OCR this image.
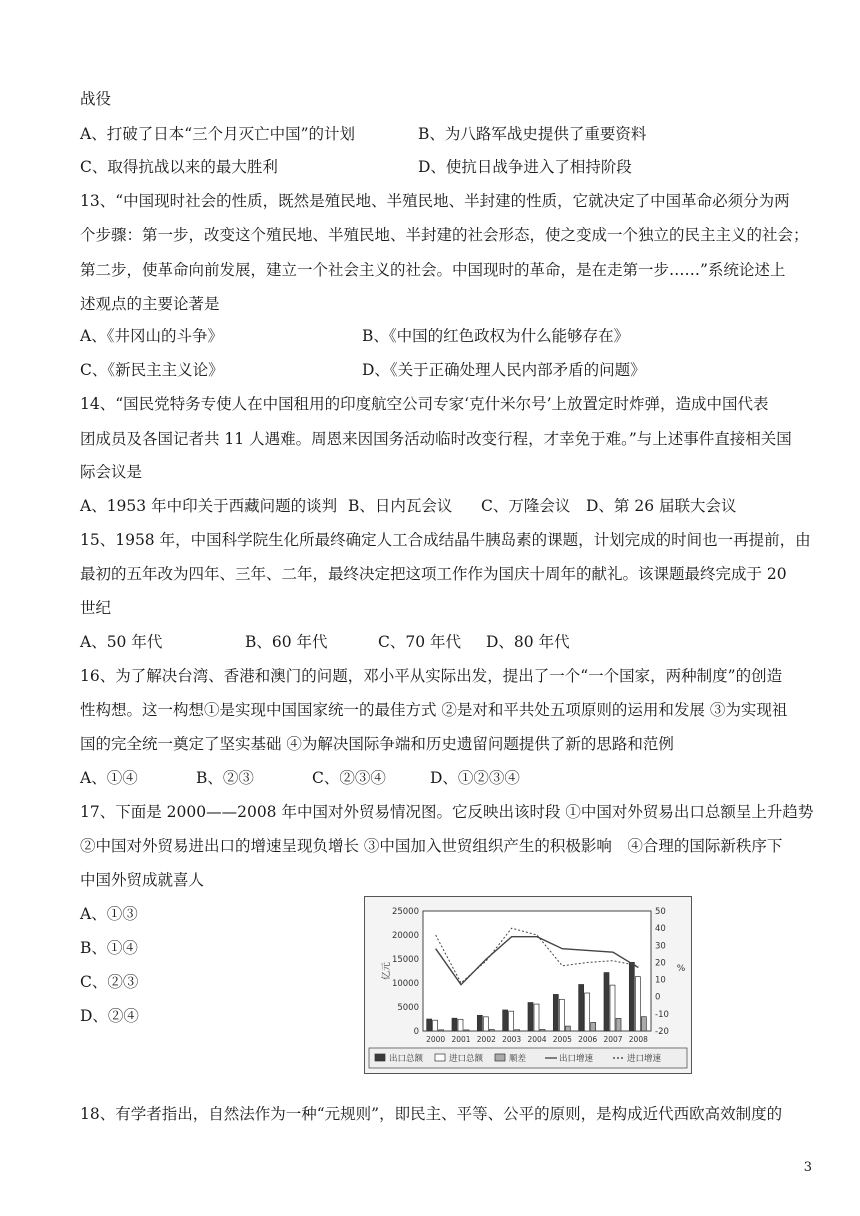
战役
A、打破了日本“三个月灭亡中国”的计划	B、为八路军战史提供了重要资料
C、取得抗战以来的最大胜利	D、使抗日战争进入了相持阶段
13、“中国现时社会的性质，既然是殖民地、半殖民地、半封建的性质，它就决定了中国革命必须分为两
个步骤：第一步，改变这个殖民地、半殖民地、半封建的社会形态，使之变成一个独立的民主主义的社会；
第二步，使革命向前发展，建立一个社会主义的社会。中国现时的革命，是在走第一步……”系统论述上
述观点的主要论著是
A、《井冈山的斗争》	B、《中国的红色政权为什么能够存在》
C、《新民主主义论》	D、《关于正确处理人民内部矛盾的问题》
14、“国民党特务专使人在中国租用的印度航空公司专家‘克什米尔号’上放置定时炸弹，造成中国代表
团成员及各国记者共 11 人遇难。周恩来因国务活动临时改变行程，才幸免于难。”与上述事件直接相关国
际会议是
A、1953 年中印关于西藏问题的谈判 B、日内瓦会议 C、万隆会议 D、第 26 届联大会议
15、1958 年，中国科学院生化所最终确定人工合成结晶牛胰岛素的课题，计划完成的时间也一再提前，由
最初的五年改为四年、三年、二年，最终决定把这项工作作为国庆十周年的献礼。该课题最终完成于 20
世纪
A、50 年代	B、60 年代	C、70 年代 D、80 年代
16、为了解决台湾、香港和澳门的问题，邓小平从实际出发，提出了一个“一个国家，两种制度”的创造
性构想。这一构想①是实现中国国家统一的最佳方式 ②是对和平共处五项原则的运用和发展 ③为实现祖
国的完全统一奠定了坚实基础 ④为解决国际争端和历史遗留问题提供了新的思路和范例
A、①④	B、②③	C、②③④	D、①②③④
17、下面是 2000——2008 年中国对外贸易情况图。它反映出该时段 ①中国对外贸易出口总额呈上升趋势
②中国对外贸易进出口的增速呈现负增长 ③中国加入世贸组织产生的积极影响　④合理的国际新秩序下
中国外贸成就喜人
A、①③
B、①④
C、②③
D、②④
18、有学者指出，自然法作为一种“元规则”，即民主、平等、公平的原则，是构成近代西欧高效制度的
3
0
5000
10000
15000
20000
25000
-20
-10
0
10
20
30
40
50
亿元	%
2000 2001 2002 2003 2004 2005 2006 2007 2008
出口总额	进口总额	顺差	出口增速	进口增速
